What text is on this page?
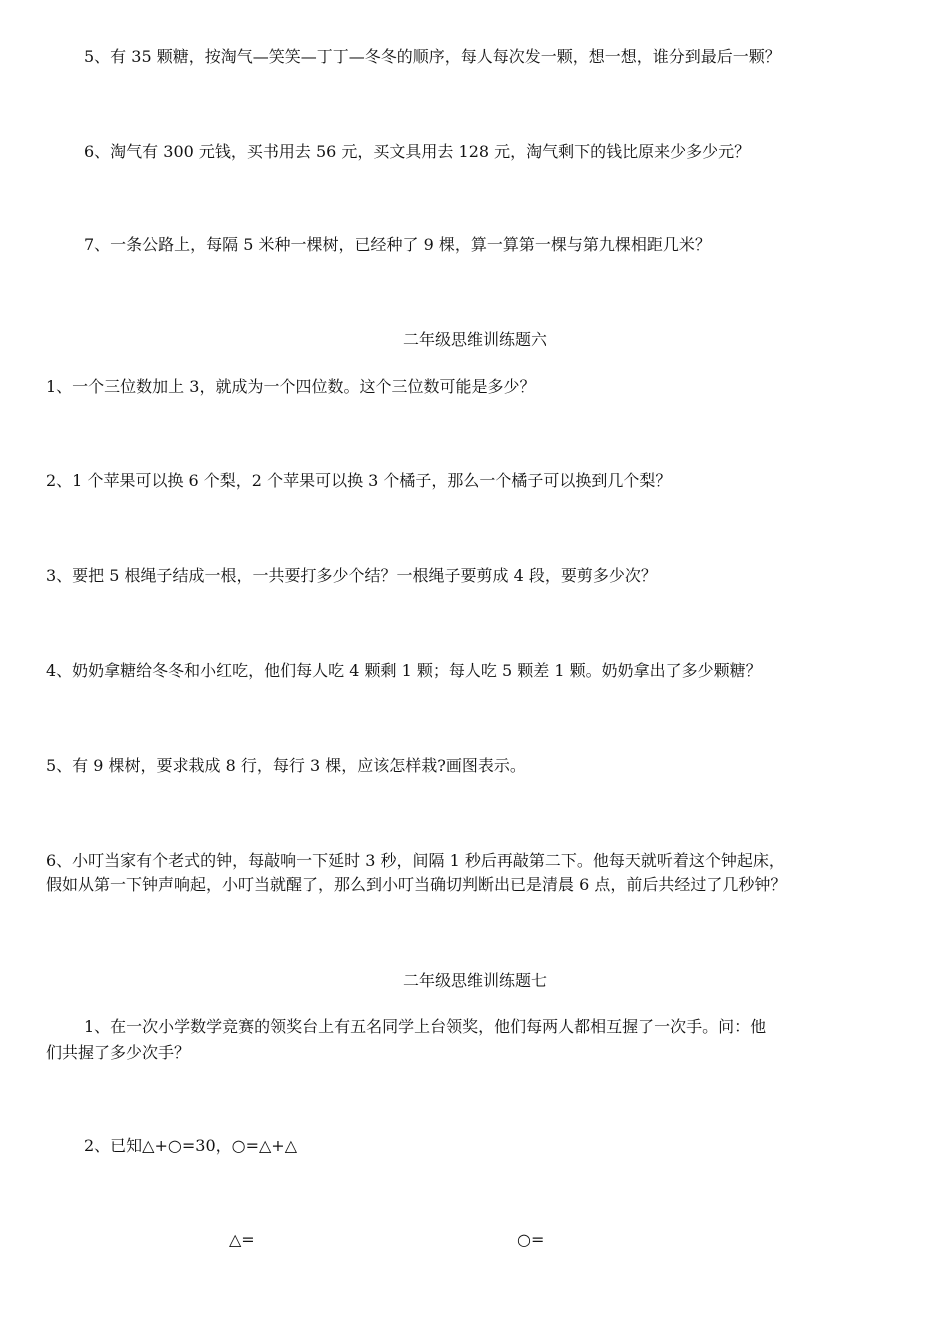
5、有 35 颗糖，按淘气—笑笑—丁丁—冬冬的顺序，每人每次发一颗，想一想，谁分到最后一颗？
6、淘气有 300 元钱，买书用去 56 元，买文具用去 128 元，淘气剩下的钱比原来少多少元？
7、一条公路上，每隔 5 米种一棵树，已经种了 9 棵，算一算第一棵与第九棵相距几米？
二年级思维训练题六
1、一个三位数加上 3，就成为一个四位数。这个三位数可能是多少？
2、1 个苹果可以换 6 个梨，2 个苹果可以换 3 个橘子，那么一个橘子可以换到几个梨？
3、要把 5 根绳子结成一根，一共要打多少个结？一根绳子要剪成 4 段，要剪多少次？
4、奶奶拿糖给冬冬和小红吃，他们每人吃 4 颗剩 1 颗；每人吃 5 颗差 1 颗。奶奶拿出了多少颗糖？
5、有 9 棵树，要求栽成 8 行，每行 3 棵，应该怎样栽?画图表示。
6、小叮当家有个老式的钟，每敲响一下延时 3 秒，间隔 1 秒后再敲第二下。他每天就听着这个钟起床，
假如从第一下钟声响起，小叮当就醒了，那么到小叮当确切判断出已是清晨 6 点，前后共经过了几秒钟？
二年级思维训练题七
1、在一次小学数学竞赛的领奖台上有五名同学上台领奖，他们每两人都相互握了一次手。问：他
们共握了多少次手？
2、已知△+○=30，○=△+△
△=	○=
